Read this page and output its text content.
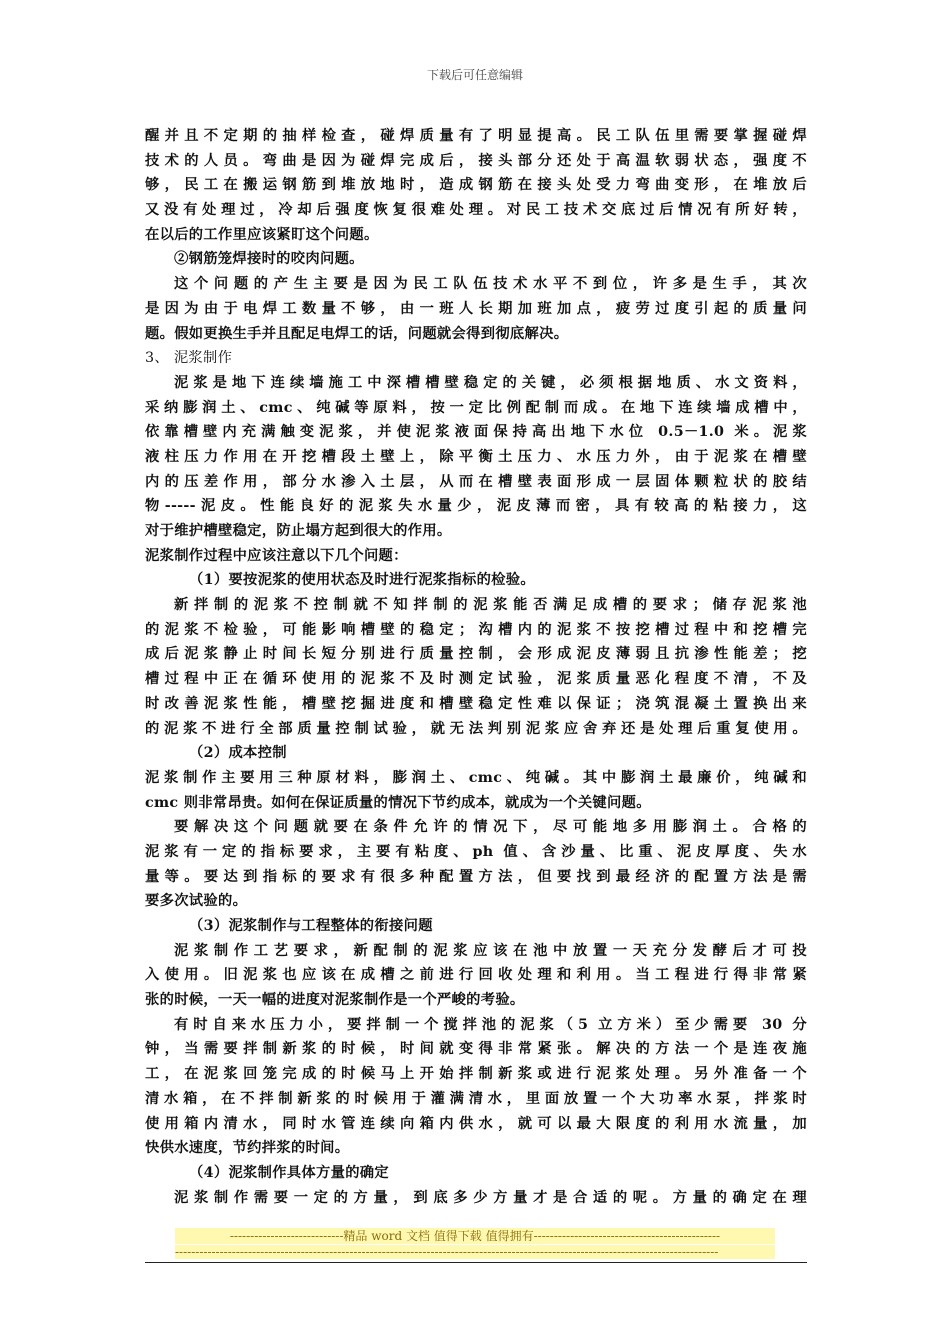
下载后可任意编辑
醒并且不定期的抽样检查，碰焊质量有了明显提高。民工队伍里需要掌握碰焊
技术的人员。弯曲是因为碰焊完成后，接头部分还处于高温软弱状态，强度不
够，民工在搬运钢筋到堆放地时，造成钢筋在接头处受力弯曲变形，在堆放后
又没有处理过，冷却后强度恢复很难处理。对民工技术交底过后情况有所好转，
在以后的工作里应该紧盯这个问题。
②钢筋笼焊接时的咬肉问题。
这个问题的产生主要是因为民工队伍技术水平不到位，许多是生手，其次
是因为由于电焊工数量不够，由一班人长期加班加点，疲劳过度引起的质量问
题。假如更换生手并且配足电焊工的话，问题就会得到彻底解决。
3、 泥浆制作
泥浆是地下连续墙施工中深槽槽壁稳定的关键，必须根据地质、水文资料，
采纳膨润土、cmc、纯碱等原料，按一定比例配制而成。在地下连续墙成槽中，
依靠槽壁内充满触变泥浆，并使泥浆液面保持高出地下水位 0.5－1.0 米。泥浆
液柱压力作用在开挖槽段土壁上，除平衡土压力、水压力外，由于泥浆在槽壁
内的压差作用，部分水渗入土层，从而在槽壁表面形成一层固体颗粒状的胶结
物-----泥皮。性能良好的泥浆失水量少，泥皮薄而密，具有较高的粘接力，这
对于维护槽壁稳定，防止塌方起到很大的作用。
泥浆制作过程中应该注意以下几个问题：
（1）要按泥浆的使用状态及时进行泥浆指标的检验。
新拌制的泥浆不控制就不知拌制的泥浆能否满足成槽的要求；储存泥浆池
的泥浆不检验，可能影响槽壁的稳定；沟槽内的泥浆不按挖槽过程中和挖槽完
成后泥浆静止时间长短分别进行质量控制，会形成泥皮薄弱且抗渗性能差；挖
槽过程中正在循环使用的泥浆不及时测定试验，泥浆质量恶化程度不清，不及
时改善泥浆性能，槽壁挖掘进度和槽壁稳定性难以保证；浇筑混凝土置换出来
的泥浆不进行全部质量控制试验，就无法判别泥浆应舍弃还是处理后重复使用。
（2）成本控制
泥浆制作主要用三种原材料，膨润土、cmc、纯碱。其中膨润土最廉价，纯碱和
cmc 则非常昂贵。如何在保证质量的情况下节约成本，就成为一个关键问题。
要解决这个问题就要在条件允许的情况下，尽可能地多用膨润土。合格的
泥浆有一定的指标要求，主要有粘度、ph 值、含沙量、比重、泥皮厚度、失水
量等。要达到指标的要求有很多种配置方法，但要找到最经济的配置方法是需
要多次试验的。
（3）泥浆制作与工程整体的衔接问题
泥浆制作工艺要求，新配制的泥浆应该在池中放置一天充分发酵后才可投
入使用。旧泥浆也应该在成槽之前进行回收处理和利用。当工程进行得非常紧
张的时候，一天一幅的进度对泥浆制作是一个严峻的考验。
有时自来水压力小，要拌制一个搅拌池的泥浆（5 立方米）至少需要 30 分
钟，当需要拌制新浆的时候，时间就变得非常紧张。解决的方法一个是连夜施
工，在泥浆回笼完成的时候马上开始拌制新浆或进行泥浆处理。另外准备一个
清水箱，在不拌制新浆的时候用于灌满清水，里面放置一个大功率水泵，拌浆时
使用箱内清水，同时水管连续向箱内供水，就可以最大限度的利用水流量，加
快供水速度，节约拌浆的时间。
（4）泥浆制作具体方量的确定
泥浆制作需要一定的方量，到底多少方量才是合适的呢。方量的确定在理
----------------------------精品 word 文档 值得下载 值得拥有----------------------------------------------
--------------------------------------------------------------------------------------------------------------------------------------
